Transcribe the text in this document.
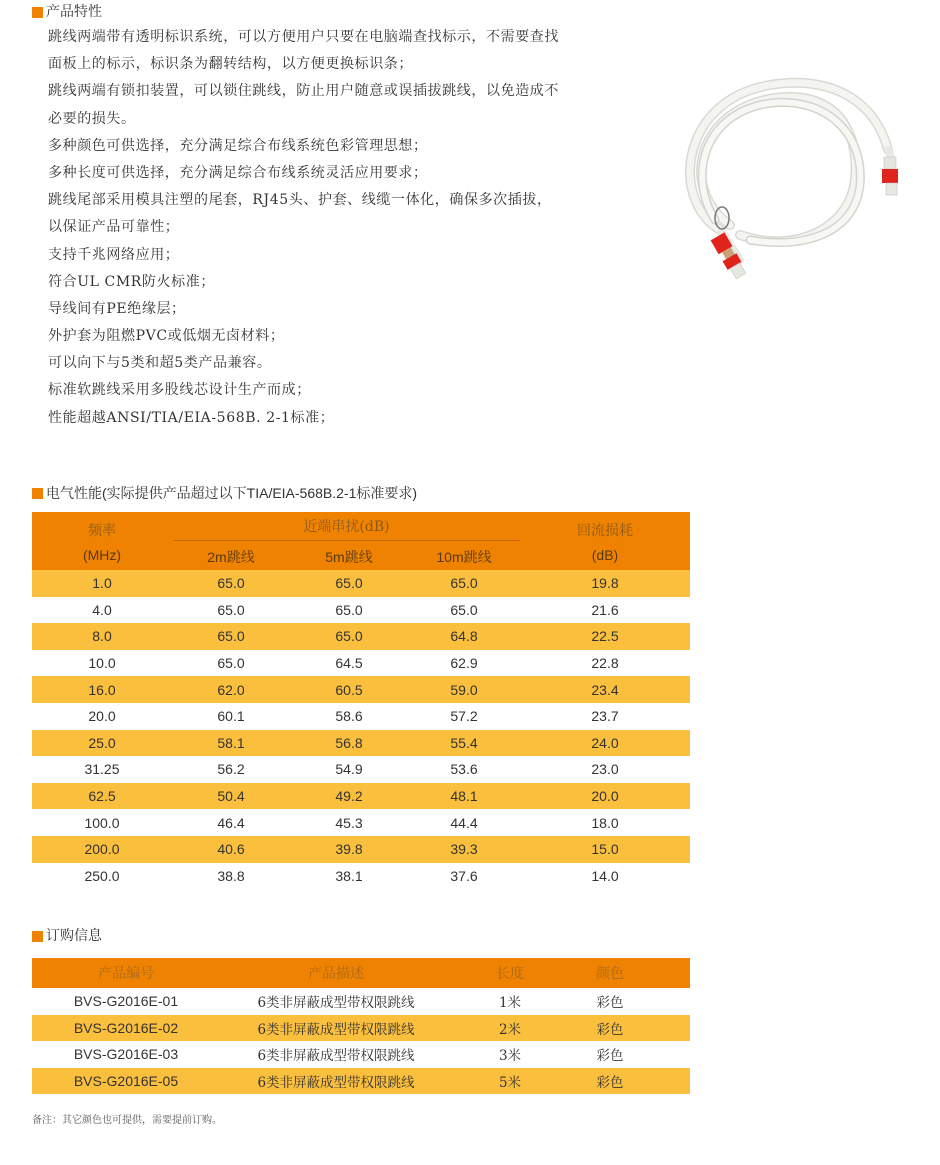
产品特性
跳线两端带有透明标识系统，可以方便用户只要在电脑端查找标示，不需要查找
面板上的标示，标识条为翻转结构，以方便更换标识条；
跳线两端有锁扣装置，可以锁住跳线，防止用户随意或误插拔跳线，以免造成不
必要的损失。
多种颜色可供选择，充分满足综合布线系统色彩管理思想；
多种长度可供选择，充分满足综合布线系统灵活应用要求；
跳线尾部采用模具注塑的尾套，RJ45头、护套、线缆一体化，确保多次插拔，
以保证产品可靠性；
支持千兆网络应用；
符合UL CMR防火标准；
导线间有PE绝缘层；
外护套为阻燃PVC或低烟无卤材料；
可以向下与5类和超5类产品兼容。
标准软跳线采用多股线芯设计生产而成；
性能超越ANSI/TIA/EIA-568B. 2-1标准；
电气性能(实际提供产品超过以下TIA/EIA-568B.2-1标准要求)
频率
(MHz)
近端串扰(dB)
2m跳线	5m跳线	10m跳线
回流损耗
(dB)
1.0	65.0	65.0	65.0	19.8
4.0	65.0	65.0	65.0	21.6
8.0	65.0	65.0	64.8	22.5
10.0	65.0	64.5	62.9	22.8
16.0	62.0	60.5	59.0	23.4
20.0	60.1	58.6	57.2	23.7
25.0	58.1	56.8	55.4	24.0
31.25	56.2	54.9	53.6	23.0
62.5	50.4	49.2	48.1	20.0
100.0	46.4	45.3	44.4	18.0
200.0	40.6	39.8	39.3	15.0
250.0	38.8	38.1	37.6	14.0
订购信息
产品编号	产品描述	长度	颜色
BVS-G2016E-01	6类非屏蔽成型带权限跳线	1米	彩色
BVS-G2016E-02	6类非屏蔽成型带权限跳线	2米	彩色
BVS-G2016E-03	6类非屏蔽成型带权限跳线	3米	彩色
BVS-G2016E-05	6类非屏蔽成型带权限跳线	5米	彩色
备注：其它颜色也可提供，需要提前订购。
